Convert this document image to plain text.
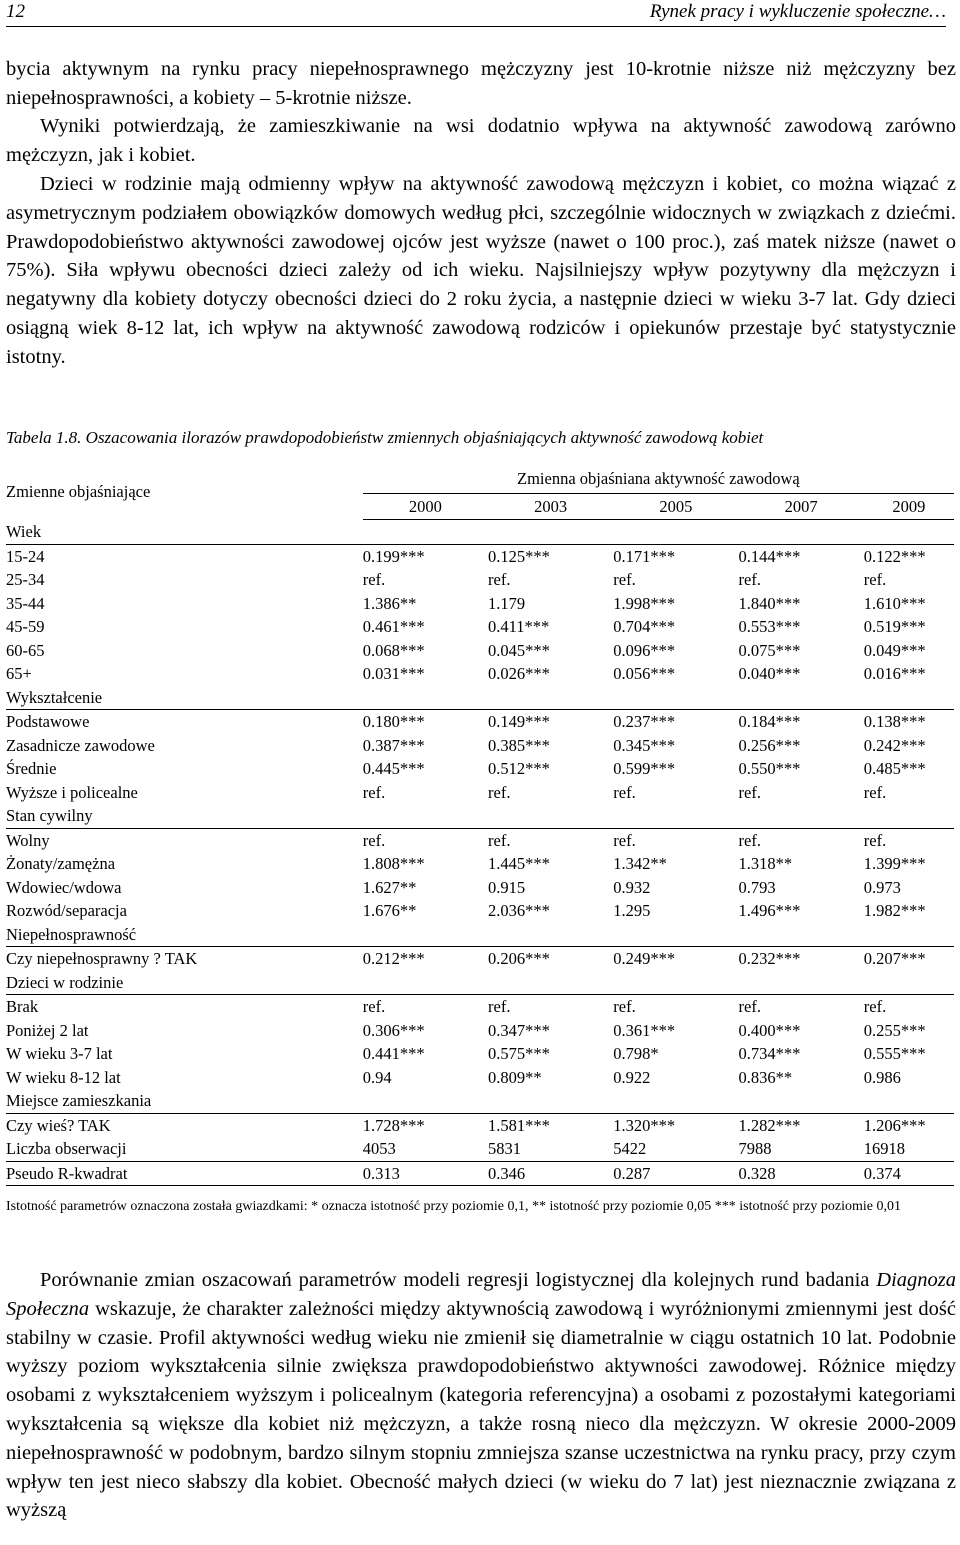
12	Rynek pracy i wykluczenie społeczne…

bycia aktywnym na rynku pracy niepełnosprawnego mężczyzny jest 10-krotnie niższe niż mężczyzny bez niepełnosprawności, a kobiety – 5-krotnie niższe.

Wyniki potwierdzają, że zamieszkiwanie na wsi dodatnio wpływa na aktywność zawodową zarówno mężczyzn, jak i kobiet.

Dzieci w rodzinie mają odmienny wpływ na aktywność zawodową mężczyzn i kobiet, co można wiązać z asymetrycznym podziałem obowiązków domowych według płci, szczególnie widocznych w związkach z dziećmi. Prawdopodobieństwo aktywności zawodowej ojców jest wyższe (nawet o 100 proc.), zaś matek niższe (nawet o 75%). Siła wpływu obecności dzieci zależy od ich wieku. Najsilniejszy wpływ pozytywny dla mężczyzn i negatywny dla kobiety dotyczy obecności dzieci do 2 roku życia, a następnie dzieci w wieku 3-7 lat. Gdy dzieci osiągną wiek 8-12 lat, ich wpływ na aktywność zawodową rodziców i opiekunów przestaje być statystycznie istotny.

Tabela 1.8. Oszacowania ilorazów prawdopodobieństw zmiennych objaśniających aktywność zawodową kobiet
Zmienne objaśniające	Zmienna objaśniana aktywność zawodową				
	2000	2003	2005	2007	2009
Wiek					
15-24	0.199***	0.125***	0.171***	0.144***	0.122***
25-34	ref.	ref.	ref.	ref.	ref.
35-44	1.386**	1.179	1.998***	1.840***	1.610***
45-59	0.461***	0.411***	0.704***	0.553***	0.519***
60-65	0.068***	0.045***	0.096***	0.075***	0.049***
65+	0.031***	0.026***	0.056***	0.040***	0.016***
Wykształcenie					
Podstawowe	0.180***	0.149***	0.237***	0.184***	0.138***
Zasadnicze zawodowe	0.387***	0.385***	0.345***	0.256***	0.242***
Średnie	0.445***	0.512***	0.599***	0.550***	0.485***
Wyższe i policealne	ref.	ref.	ref.	ref.	ref.
Stan cywilny					
Wolny	ref.	ref.	ref.	ref.	ref.
Żonaty/zamężna	1.808***	1.445***	1.342**	1.318**	1.399***
Wdowiec/wdowa	1.627**	0.915	0.932	0.793	0.973
Rozwód/separacja	1.676**	2.036***	1.295	1.496***	1.982***
Niepełnosprawność					
Czy niepełnosprawny ? TAK	0.212***	0.206***	0.249***	0.232***	0.207***
Dzieci w rodzinie					
Brak	ref.	ref.	ref.	ref.	ref.
Poniżej 2 lat	0.306***	0.347***	0.361***	0.400***	0.255***
W wieku 3-7 lat	0.441***	0.575***	0.798*	0.734***	0.555***
W wieku 8-12 lat	0.94	0.809**	0.922	0.836**	0.986
Miejsce zamieszkania					
Czy wieś? TAK	1.728***	1.581***	1.320***	1.282***	1.206***
Liczba obserwacji	4053	5831	5422	7988	16918
Pseudo R-kwadrat	0.313	0.346	0.287	0.328	0.374

Istotność parametrów oznaczona została gwiazdkami: * oznacza istotność przy poziomie 0,1, ** istotność przy poziomie 0,05 *** istotność przy poziomie 0,01

Porównanie zmian oszacowań parametrów modeli regresji logistycznej dla kolejnych rund badania Diagnoza Społeczna wskazuje, że charakter zależności między aktywnością zawodową i wyróżnionymi zmiennymi jest dość stabilny w czasie. Profil aktywności według wieku nie zmienił się diametralnie w ciągu ostatnich 10 lat. Podobnie wyższy poziom wykształcenia silnie zwiększa prawdopodobieństwo aktywności zawodowej. Różnice między osobami z wykształceniem wyższym i policealnym (kategoria referencyjna) a osobami z pozostałymi kategoriami wykształcenia są większe dla kobiet niż mężczyzn, a także rosną nieco dla mężczyzn. W okresie 2000-2009 niepełnosprawność w podobnym, bardzo silnym stopniu zmniejsza szanse uczestnictwa na rynku pracy, przy czym wpływ ten jest nieco słabszy dla kobiet. Obecność małych dzieci (w wieku do 7 lat) jest nieznacznie związana z wyższą
